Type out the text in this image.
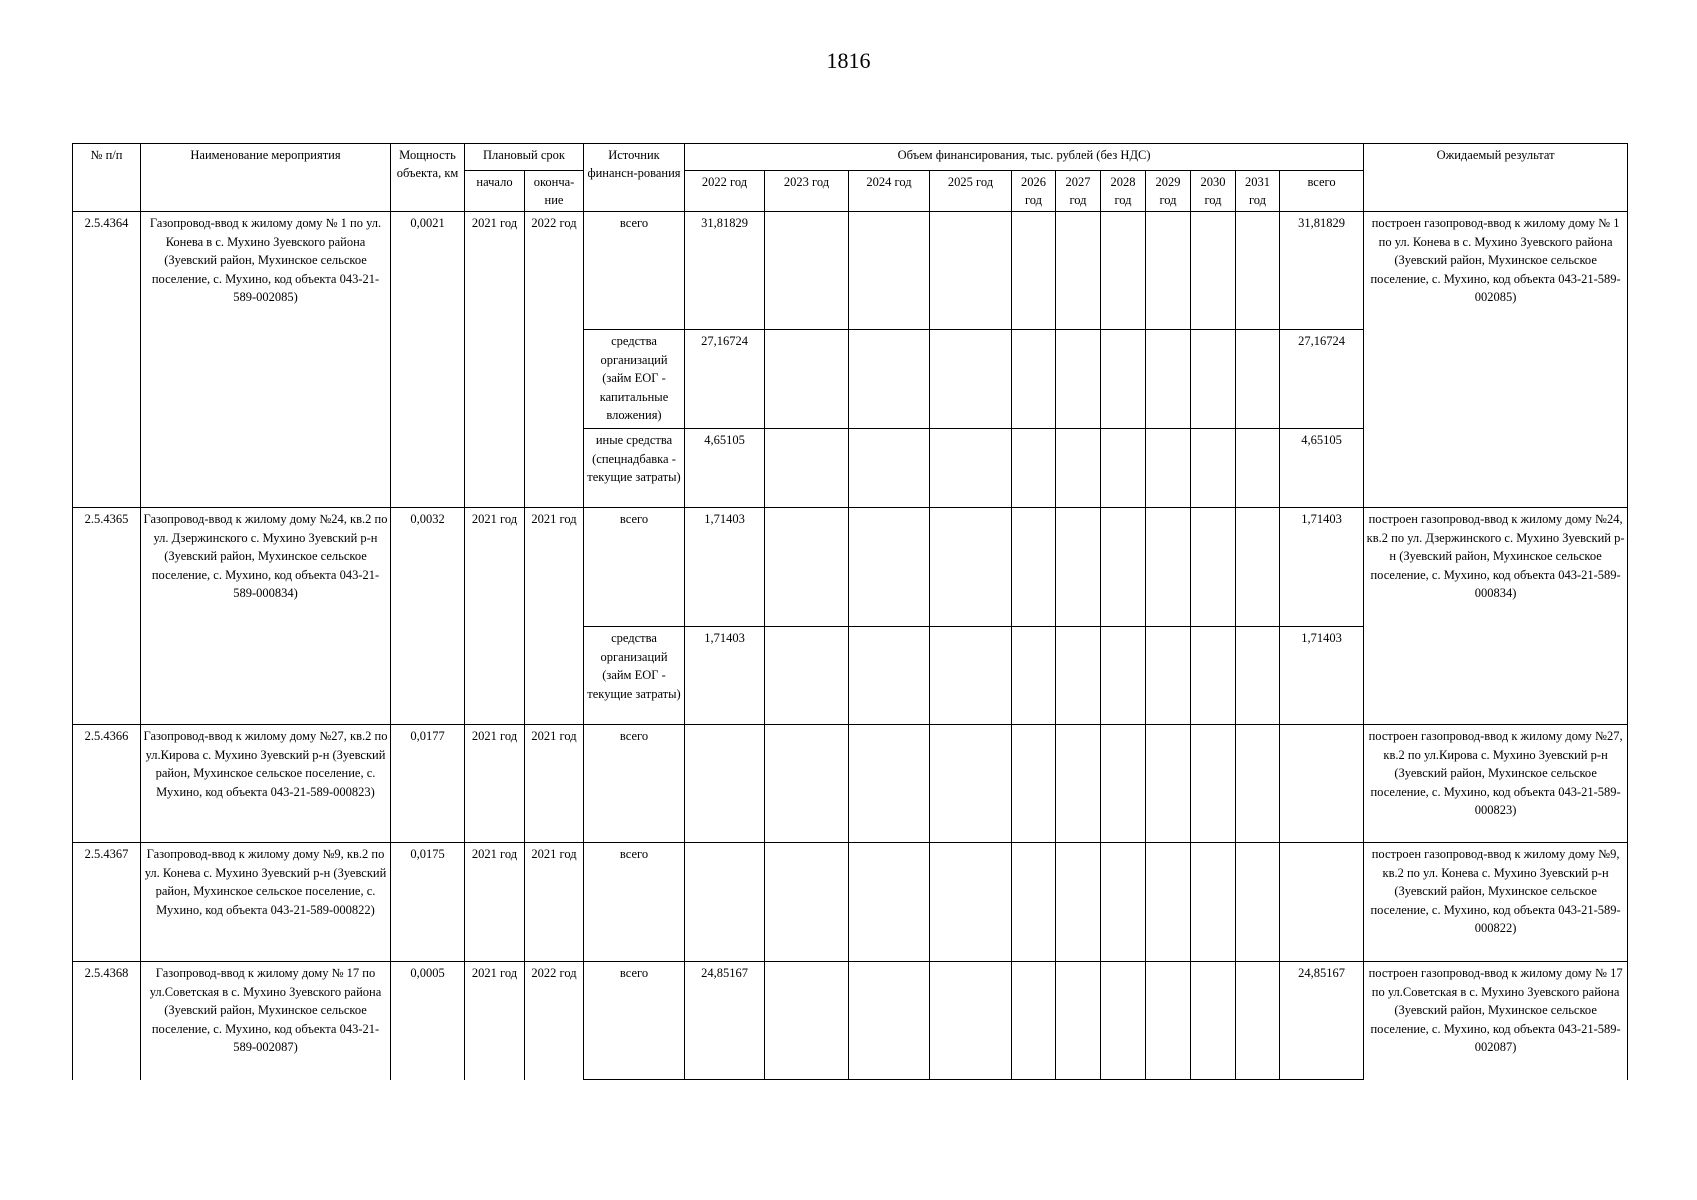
1816
№ п/п	Наименование мероприятия	Мощность объекта, км	Плановый срок		Источник финансн-рования	Объем финансирования, тыс. рублей (без НДС)											Ожидаемый результат
			начало	оконча-ние		2022 год	2023 год	2024 год	2025 год	2026 год	2027 год	2028 год	2029 год	2030 год	2031 год	всего	
2.5.4364	Газопровод-ввод к жилому дому № 1 по ул. Конева в с. Мухино Зуевского района (Зуевский район, Мухинское сельское поселение, с. Мухино, код объекта 043-21-589-002085)	0,0021	2021 год	2022 год	всего	31,81829										31,81829	построен газопровод-ввод к жилому дому № 1 по ул. Конева в с. Мухино Зуевского района (Зуевский район, Мухинское сельское поселение, с. Мухино, код объекта 043-21-589-002085)
					средства организаций (займ ЕОГ - капитальные вложения)	27,16724										27,16724	
					иные средства (спецнадбавка - текущие затраты)	4,65105										4,65105	
2.5.4365	Газопровод-ввод к жилому дому №24, кв.2 по ул. Дзержинского с. Мухино Зуевский р-н (Зуевский район, Мухинское сельское поселение, с. Мухино, код объекта 043-21-589-000834)	0,0032	2021 год	2021 год	всего	1,71403										1,71403	построен газопровод-ввод к жилому дому №24, кв.2 по ул. Дзержинского с. Мухино Зуевский р-н (Зуевский район, Мухинское сельское поселение, с. Мухино, код объекта 043-21-589-000834)
					средства организаций (займ ЕОГ - текущие затраты)	1,71403										1,71403	
2.5.4366	Газопровод-ввод к жилому дому №27, кв.2 по ул.Кирова с. Мухино Зуевский р-н (Зуевский район, Мухинское сельское поселение, с. Мухино, код объекта 043-21-589-000823)	0,0177	2021 год	2021 год	всего												построен газопровод-ввод к жилому дому №27, кв.2 по ул.Кирова с. Мухино Зуевский р-н (Зуевский район, Мухинское сельское поселение, с. Мухино, код объекта 043-21-589-000823)
2.5.4367	Газопровод-ввод к жилому дому №9, кв.2 по ул. Конева с. Мухино Зуевский р-н (Зуевский район, Мухинское сельское поселение, с. Мухино, код объекта 043-21-589-000822)	0,0175	2021 год	2021 год	всего												построен газопровод-ввод к жилому дому №9, кв.2 по ул. Конева с. Мухино Зуевский р-н (Зуевский район, Мухинское сельское поселение, с. Мухино, код объекта 043-21-589-000822)
2.5.4368	Газопровод-ввод к жилому дому № 17 по ул.Советская в с. Мухино Зуевского района (Зуевский район, Мухинское сельское поселение, с. Мухино, код объекта 043-21-589-002087)	0,0005	2021 год	2022 год	всего	24,85167										24,85167	построен газопровод-ввод к жилому дому № 17 по ул.Советская в с. Мухино Зуевского района (Зуевский район, Мухинское сельское поселение, с. Мухино, код объекта 043-21-589-002087)
